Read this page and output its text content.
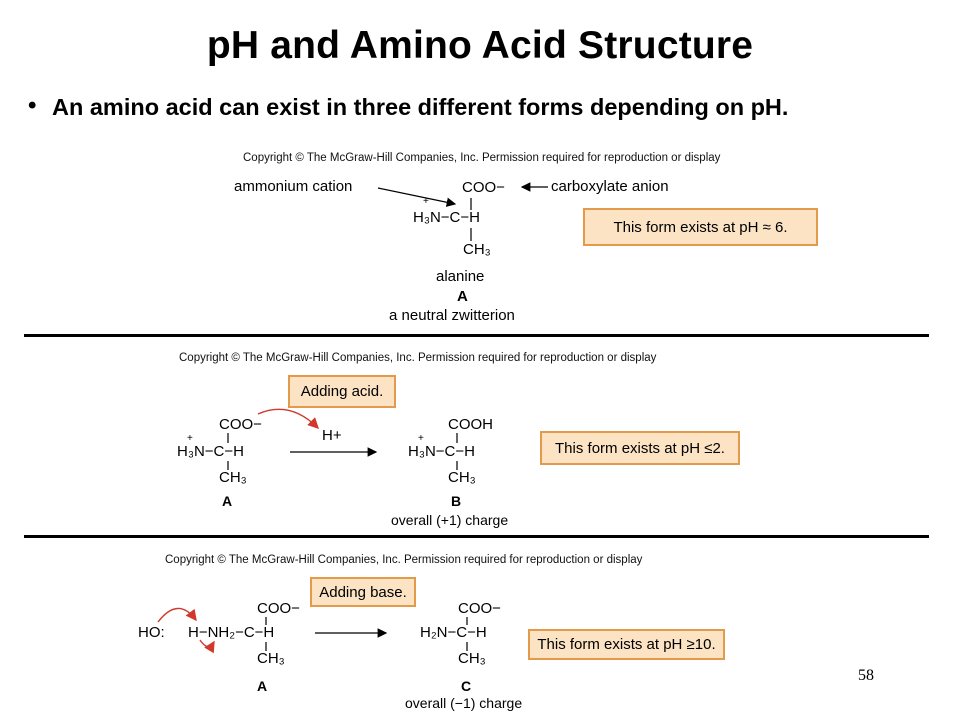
pH and Amino Acid Structure
• An amino acid can exist in three different forms depending on pH.
Copyright © The McGraw-Hill Companies, Inc. Permission required for reproduction or display
ammonium cation	carboxylate anion
COO−
+
H₃N−C−H
CH₃
alanine
A
a neutral zwitterion
This form exists at pH ≈ 6.
Copyright © The McGraw-Hill Companies, Inc. Permission required for reproduction or display
Adding acid.
COO−
+
H₃N−C−H
CH₃
A
H+
COOH
+
H₃N−C−H
CH₃
B
overall (+1) charge
This form exists at pH ≤2.
Copyright © The McGraw-Hill Companies, Inc. Permission required for reproduction or display
Adding base.
HO:
COO−
H−NH₂−C−H
CH₃
A
COO−
H₂N−C−H
CH₃
C
overall (−1) charge
This form exists at pH ≥10.
58
